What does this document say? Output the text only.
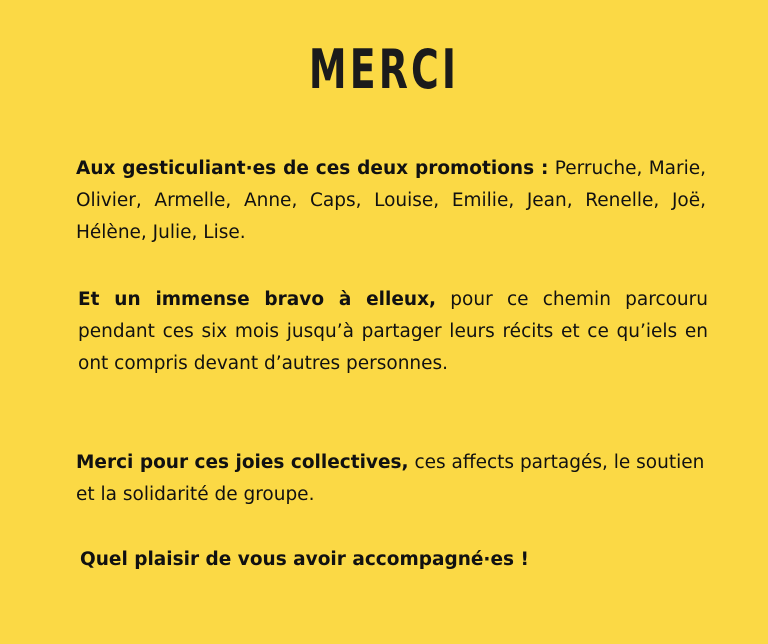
MERCI

Aux gesticuliant·es de ces deux promotions : Perruche, Marie, Olivier, Armelle, Anne, Caps, Louise, Emilie, Jean, Renelle, Joë, Hélène, Julie, Lise.

Et un immense bravo à elleux, pour ce chemin parcouru pendant ces six mois jusqu’à partager leurs récits et ce qu’iels en ont compris devant d’autres personnes.

Merci pour ces joies collectives, ces affects partagés, le soutien et la solidarité de groupe.

Quel plaisir de vous avoir accompagné·es !
